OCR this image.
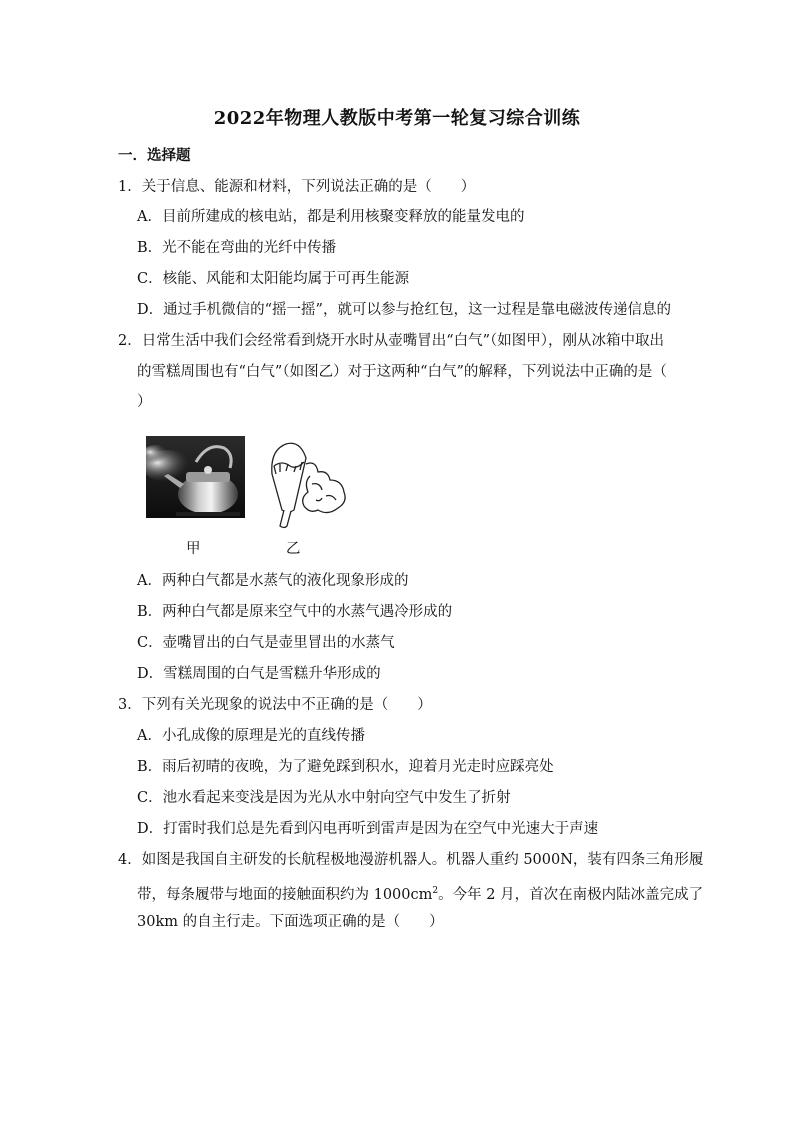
2022年物理人教版中考第一轮复习综合训练
一．选择题
1．关于信息、能源和材料，下列说法正确的是（　　）
A．目前所建成的核电站，都是利用核聚变释放的能量发电的
B．光不能在弯曲的光纤中传播
C．核能、风能和太阳能均属于可再生能源
D．通过手机微信的“摇一摇”，就可以参与抢红包，这一过程是靠电磁波传递信息的
2．日常生活中我们会经常看到烧开水时从壶嘴冒出“白气”（如图甲），刚从冰箱中取出
的雪糕周围也有“白气”（如图乙）对于这两种“白气”的解释，下列说法中正确的是（
）
甲	乙
A．两种白气都是水蒸气的液化现象形成的
B．两种白气都是原来空气中的水蒸气遇冷形成的
C．壶嘴冒出的白气是壶里冒出的水蒸气
D．雪糕周围的白气是雪糕升华形成的
3．下列有关光现象的说法中不正确的是（　　）
A．小孔成像的原理是光的直线传播
B．雨后初晴的夜晚，为了避免踩到积水，迎着月光走时应踩亮处
C．池水看起来变浅是因为光从水中射向空气中发生了折射
D．打雷时我们总是先看到闪电再听到雷声是因为在空气中光速大于声速
4．如图是我国自主研发的长航程极地漫游机器人。机器人重约 5000N，装有四条三角形履
带，每条履带与地面的接触面积约为 $1000cm^2$。今年 2 月，首次在南极内陆冰盖完成了
30km 的自主行走。下面选项正确的是（　　）
